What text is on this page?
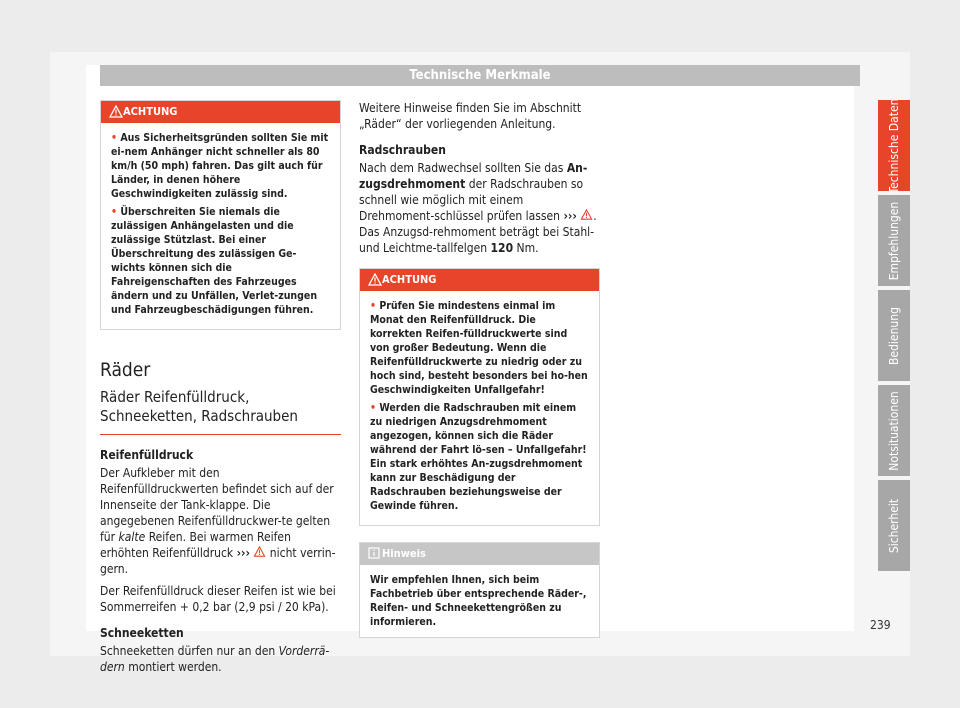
Technische Merkmale
ACHTUNG

• Aus Sicherheitsgründen sollten Sie mit ei-nem Anhänger nicht schneller als 80 km/h (50 mph) fahren. Das gilt auch für Länder, in denen höhere Geschwindigkeiten zulässig sind.

• Überschreiten Sie niemals die zulässigen Anhängelasten und die zulässige Stützlast. Bei einer Überschreitung des zulässigen Ge-wichts können sich die Fahreigenschaften des Fahrzeuges ändern und zu Unfällen, Verlet-zungen und Fahrzeugbeschädigungen führen.

Räder
Räder Reifenfülldruck, Schneeketten, Radschrauben

Reifenfülldruck

Der Aufkleber mit den Reifenfülldruckwerten befindet sich auf der Innenseite der Tank-klappe. Die angegebenen Reifenfülldruckwer-te gelten für kalte Reifen. Bei warmen Reifen erhöhten Reifenfülldruck ›››  nicht verrin-gern.

Der Reifenfülldruck dieser Reifen ist wie bei Sommerreifen + 0,2 bar (2,9 psi / 20 kPa).

Schneeketten

Schneeketten dürfen nur an den Vorderrä-dern montiert werden.

Weitere Hinweise finden Sie im Abschnitt „Räder“ der vorliegenden Anleitung.

Radschrauben

Nach dem Radwechsel sollten Sie das An-zugsdrehmoment der Radschrauben so schnell wie möglich mit einem Drehmoment-schlüssel prüfen lassen ››› . Das Anzugsd-rehmoment beträgt bei Stahl- und Leichtme-tallfelgen 120 Nm.

ACHTUNG

• Prüfen Sie mindestens einmal im Monat den Reifenfülldruck. Die korrekten Reifen-fülldruckwerte sind von großer Bedeutung. Wenn die Reifenfülldruckwerte zu niedrig oder zu hoch sind, besteht besonders bei ho-hen Geschwindigkeiten Unfallgefahr!

• Werden die Radschrauben mit einem zu niedrigen Anzugsdrehmoment angezogen, können sich die Räder während der Fahrt lö-sen – Unfallgefahr! Ein stark erhöhtes An-zugsdrehmoment kann zur Beschädigung der Radschrauben beziehungsweise der Gewinde führen.

Hinweis

Wir empfehlen Ihnen, sich beim Fachbetrieb über entsprechende Räder-, Reifen- und Schneekettengrößen zu informieren.

Technische Daten
Empfehlungen
Bedienung
Notsituationen
Sicherheit
239
